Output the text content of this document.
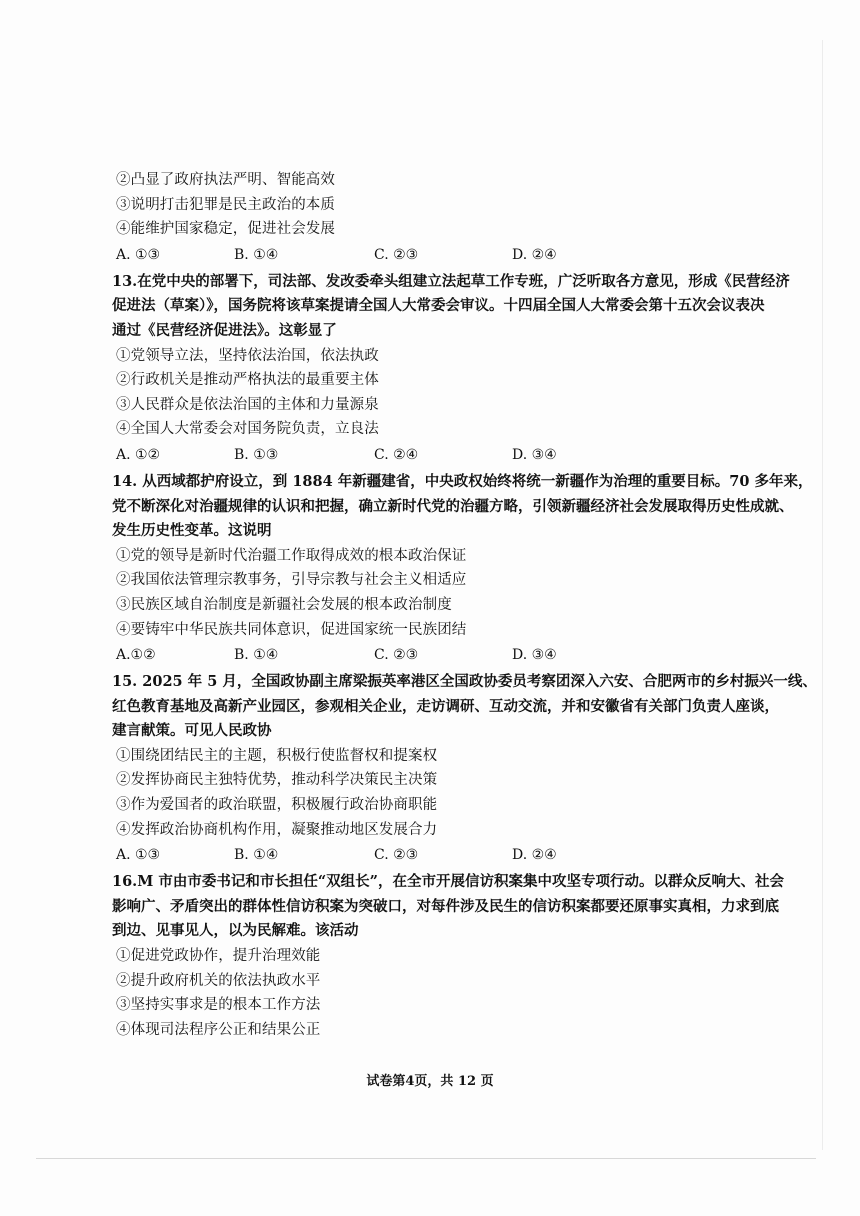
②凸显了政府执法严明、智能高效
③说明打击犯罪是民主政治的本质
④能维护国家稳定，促进社会发展
A. ①③	B. ①④	C. ②③	D. ②④
13.在党中央的部署下，司法部、发改委牵头组建立法起草工作专班，广泛听取各方意见，形成《民营经济
促进法（草案）》，国务院将该草案提请全国人大常委会审议。十四届全国人大常委会第十五次会议表决
通过《民营经济促进法》。这彰显了
①党领导立法，坚持依法治国，依法执政
②行政机关是推动严格执法的最重要主体
③人民群众是依法治国的主体和力量源泉
④全国人大常委会对国务院负责，立良法
A. ①②	B. ①③	C. ②④	D. ③④
14. 从西域都护府设立，到 1884 年新疆建省，中央政权始终将统一新疆作为治理的重要目标。70 多年来，
党不断深化对治疆规律的认识和把握，确立新时代党的治疆方略，引领新疆经济社会发展取得历史性成就、
发生历史性变革。这说明
①党的领导是新时代治疆工作取得成效的根本政治保证
②我国依法管理宗教事务，引导宗教与社会主义相适应
③民族区域自治制度是新疆社会发展的根本政治制度
④要铸牢中华民族共同体意识，促进国家统一民族团结
A.①②	B. ①④	C. ②③	D. ③④
15. 2025 年 5 月，全国政协副主席梁振英率港区全国政协委员考察团深入六安、合肥两市的乡村振兴一线、
红色教育基地及高新产业园区，参观相关企业，走访调研、互动交流，并和安徽省有关部门负责人座谈，
建言献策。可见人民政协
①围绕团结民主的主题，积极行使监督权和提案权
②发挥协商民主独特优势，推动科学决策民主决策
③作为爱国者的政治联盟，积极履行政治协商职能
④发挥政治协商机构作用，凝聚推动地区发展合力
A. ①③	B. ①④	C. ②③	D. ②④
16.M 市由市委书记和市长担任“双组长”，在全市开展信访积案集中攻坚专项行动。以群众反响大、社会
影响广、矛盾突出的群体性信访积案为突破口，对每件涉及民生的信访积案都要还原事实真相，力求到底
到边、见事见人，以为民解难。该活动
①促进党政协作，提升治理效能
②提升政府机关的依法执政水平
③坚持实事求是的根本工作方法
④体现司法程序公正和结果公正
试卷第4页，共 12 页
